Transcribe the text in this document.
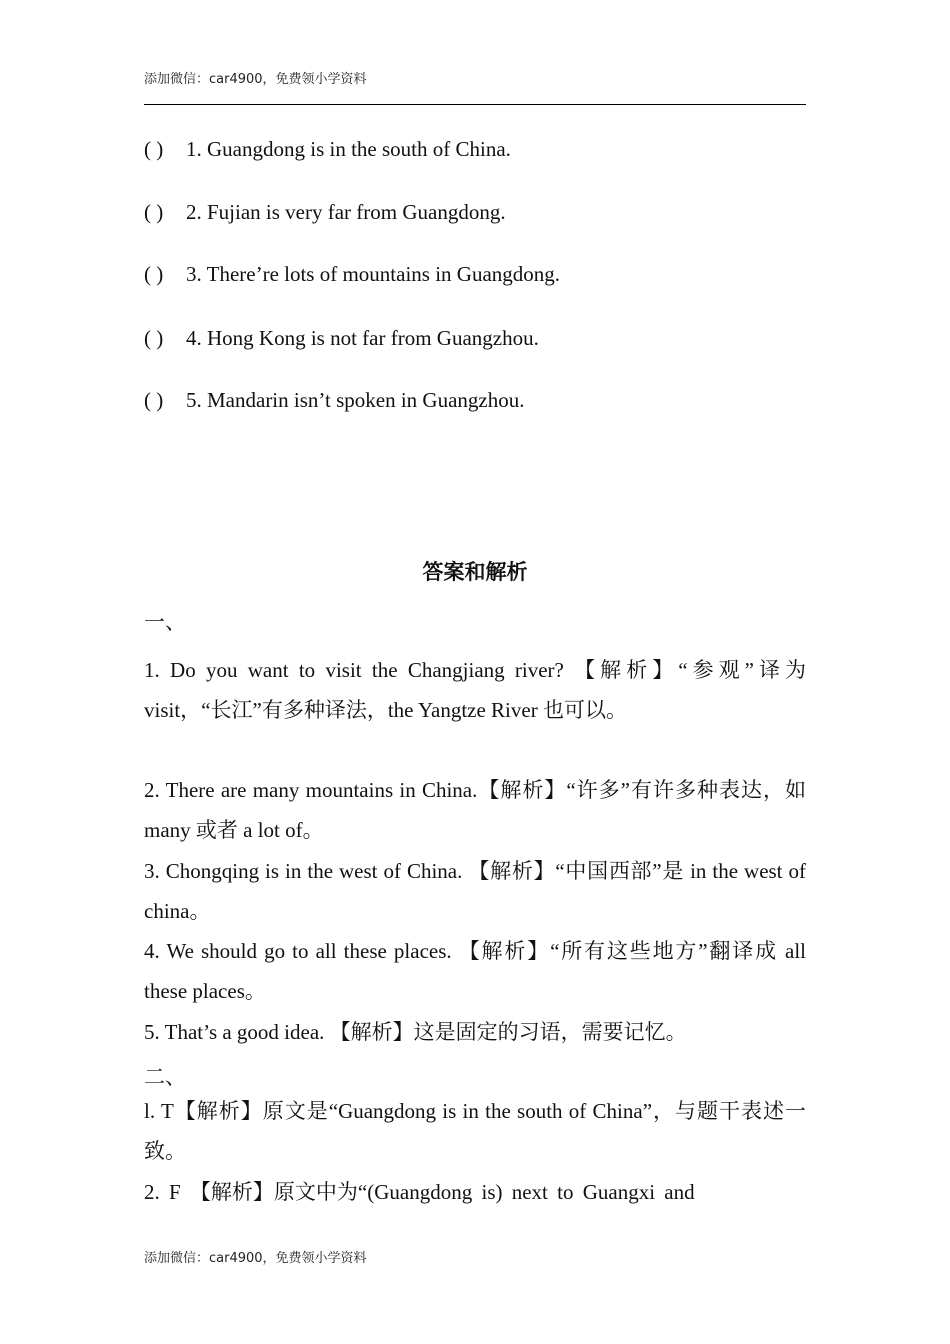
添加微信：car4900，免费领小学资料
( ) 1. Guangdong is in the south of China.
( ) 2. Fujian is very far from Guangdong.
( ) 3. There’re lots of mountains in Guangdong.
( ) 4. Hong Kong is not far from Guangzhou.
( ) 5. Mandarin isn’t spoken in Guangzhou.
答案和解析
一、
1. Do you want to visit the Changjiang river? 【解析】“参观”译为 visit，“长江”有多种译法，the Yangtze River 也可以。
2. There are many mountains in China.【解析】“许多”有许多种表达，如 many 或者 a lot of。
3. Chongqing is in the west of China. 【解析】“中国西部”是 in the west of china。
4. We should go to all these places. 【解析】“所有这些地方”翻译成 all these places。
5. That’s a good idea. 【解析】这是固定的习语，需要记忆。
二、
l. T【解析】原文是“Guangdong is in the south of China”，与题干表述一致。
2. F 【解析】原文中为“(Guangdong is) next to Guangxi and
添加微信：car4900，免费领小学资料
